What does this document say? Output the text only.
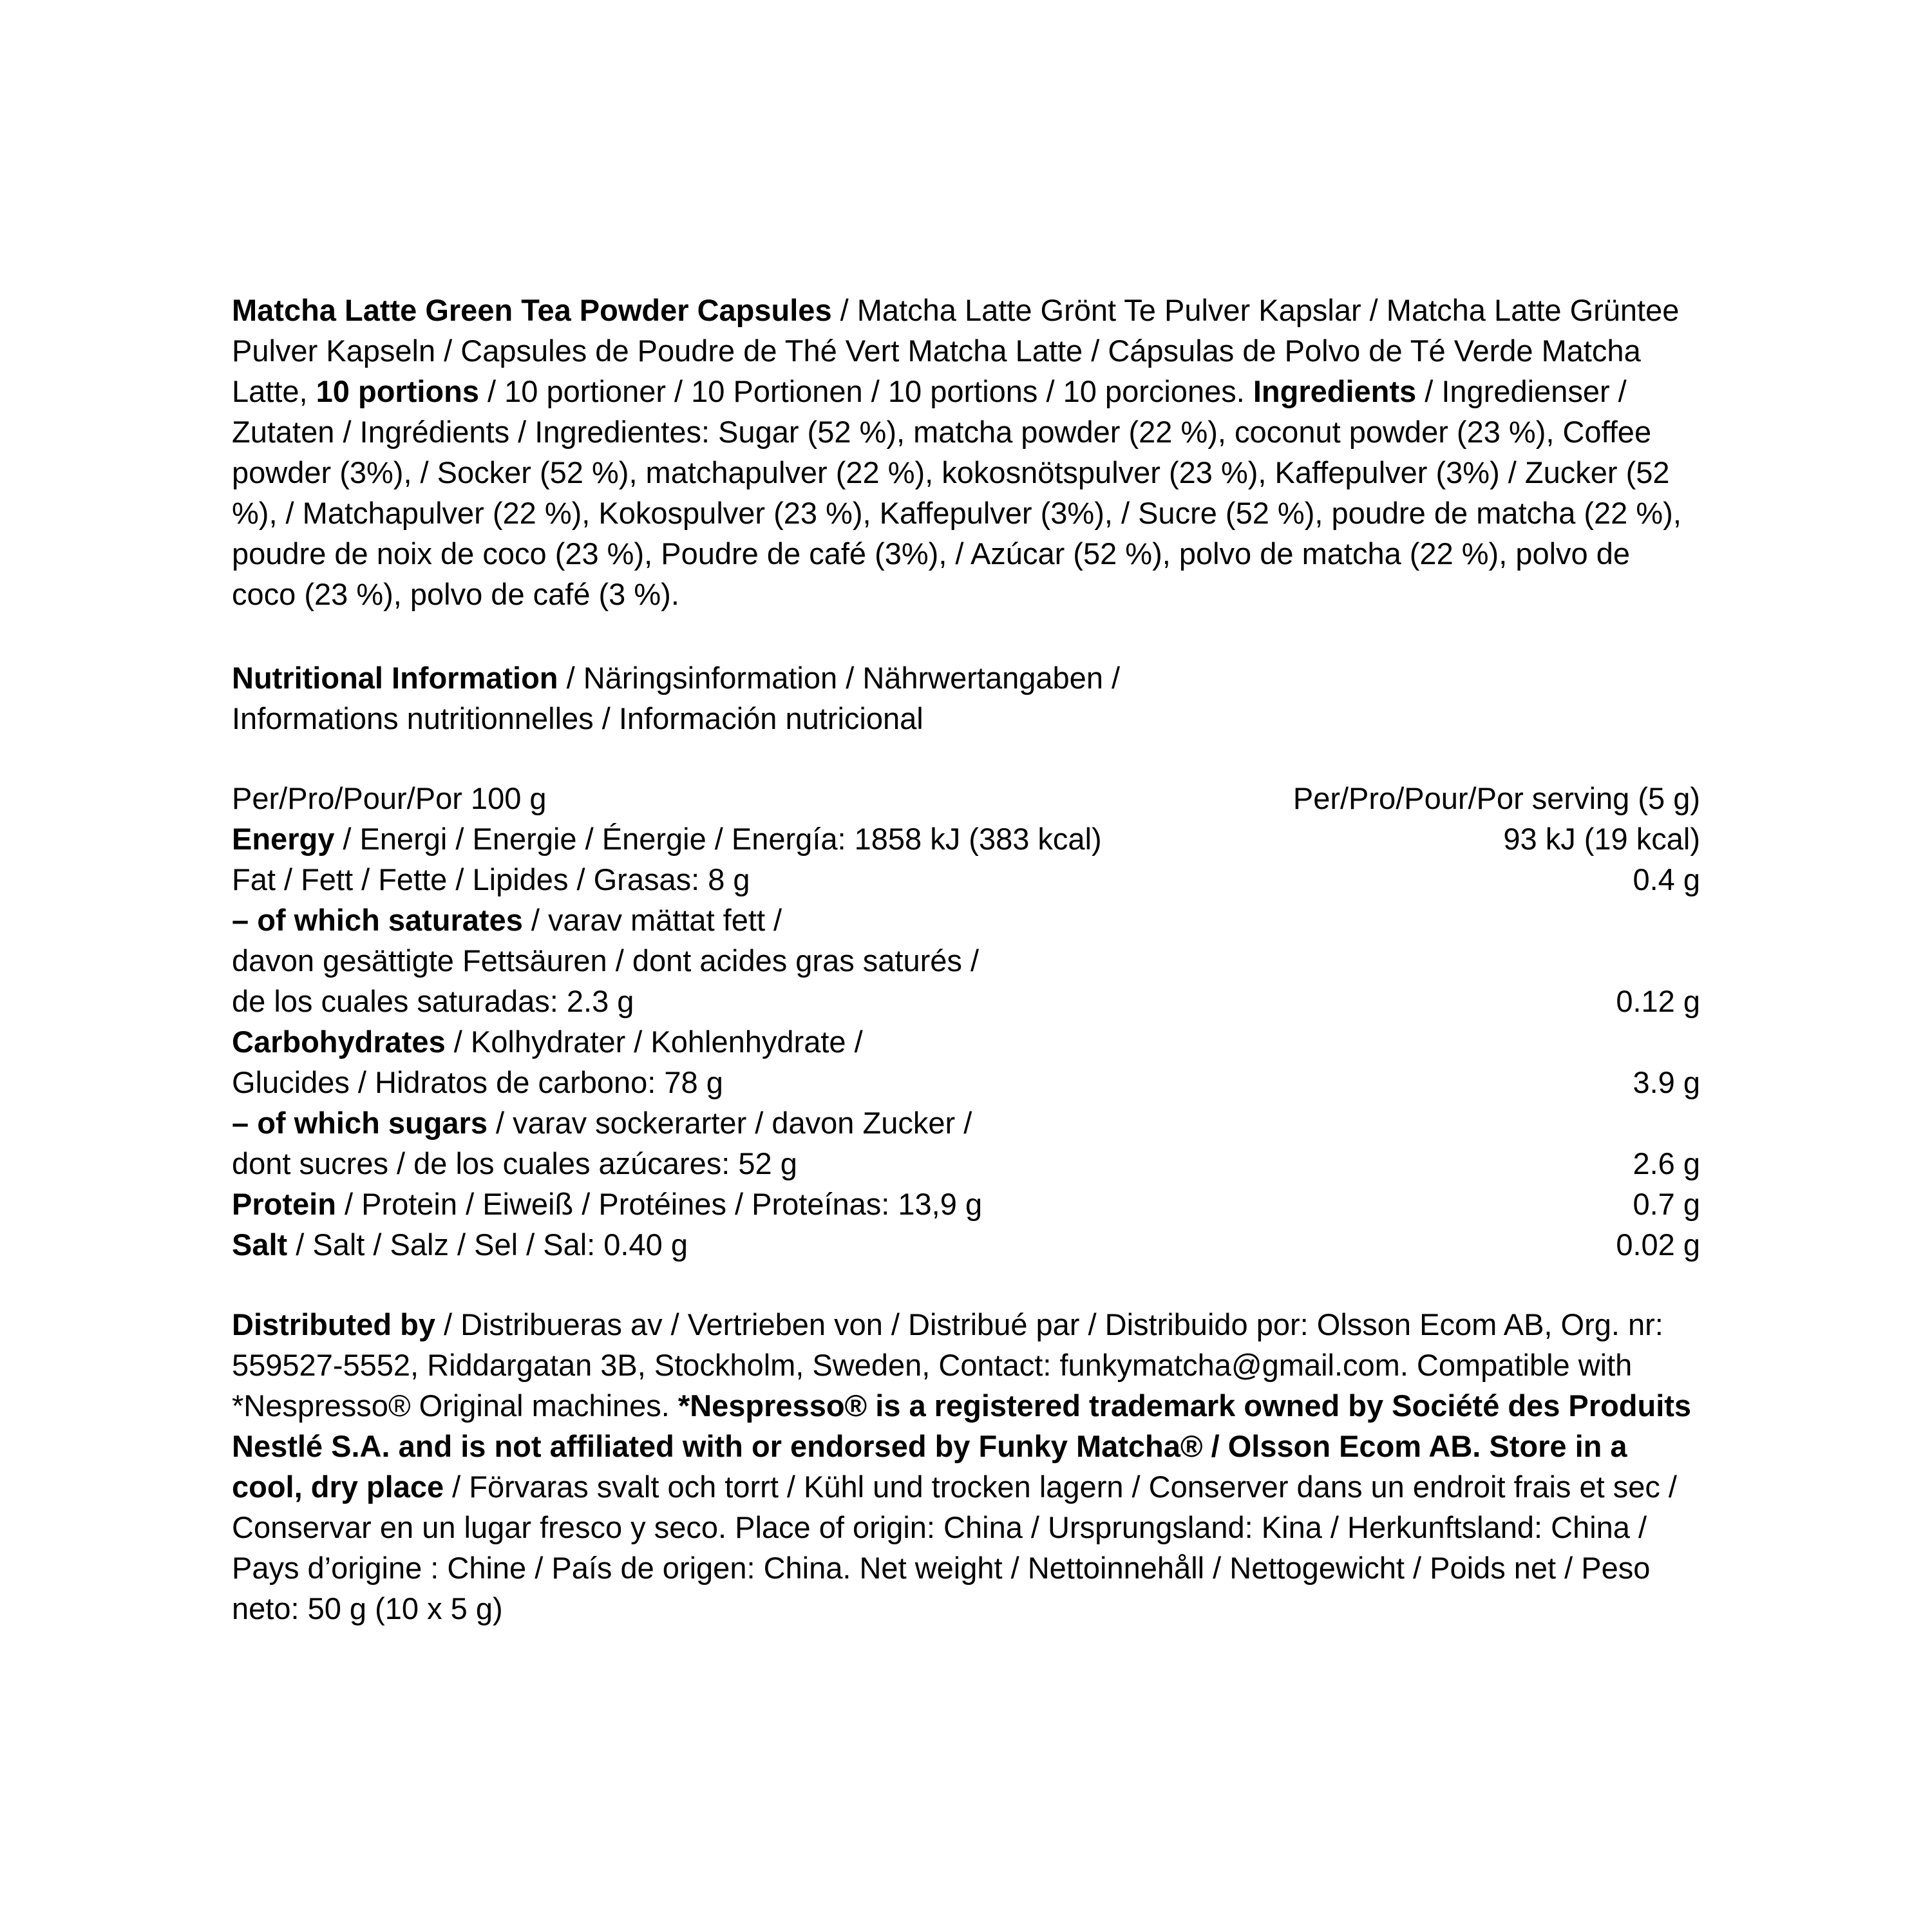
Matcha Latte Green Tea Powder Capsules / Matcha Latte Grönt Te Pulver Kapslar / Matcha Latte Grüntee
Pulver Kapseln / Capsules de Poudre de Thé Vert Matcha Latte / Cápsulas de Polvo de Té Verde Matcha
Latte, 10 portions / 10 portioner / 10 Portionen / 10 portions / 10 porciones. Ingredients / Ingredienser /
Zutaten / Ingrédients / Ingredientes: Sugar (52 %), matcha powder (22 %), coconut powder (23 %), Coffee
powder (3%), / Socker (52 %), matchapulver (22 %), kokosnötspulver (23 %), Kaffepulver (3%) / Zucker (52
%), / Matchapulver (22 %), Kokospulver (23 %), Kaffepulver (3%), / Sucre (52 %), poudre de matcha (22 %),
poudre de noix de coco (23 %), Poudre de café (3%), / Azúcar (52 %), polvo de matcha (22 %), polvo de
coco (23 %), polvo de café (3 %).
Nutritional Information / Näringsinformation / Nährwertangaben /
Informations nutritionnelles / Información nutricional
Per/Pro/Pour/Por 100 g	Per/Pro/Pour/Por serving (5 g)
Energy / Energi / Energie / Énergie / Energía: 1858 kJ (383 kcal)	93 kJ (19 kcal)
Fat / Fett / Fette / Lipides / Grasas: 8 g	0.4 g
– of which saturates / varav mättat fett /
davon gesättigte Fettsäuren / dont acides gras saturés /
de los cuales saturadas: 2.3 g	0.12 g
Carbohydrates / Kolhydrater / Kohlenhydrate /
Glucides / Hidratos de carbono: 78 g	3.9 g
– of which sugars / varav sockerarter / davon Zucker /
dont sucres / de los cuales azúcares: 52 g	2.6 g
Protein / Protein / Eiweiß / Protéines / Proteínas: 13,9 g	0.7 g
Salt / Salt / Salz / Sel / Sal: 0.40 g	0.02 g
Distributed by / Distribueras av / Vertrieben von / Distribué par / Distribuido por: Olsson Ecom AB, Org. nr:
559527-5552, Riddargatan 3B, Stockholm, Sweden, Contact: funkymatcha@gmail.com. Compatible with
*Nespresso® Original machines. *Nespresso® is a registered trademark owned by Société des Produits
Nestlé S.A. and is not affiliated with or endorsed by Funky Matcha® / Olsson Ecom AB. Store in a
cool, dry place / Förvaras svalt och torrt / Kühl und trocken lagern / Conserver dans un endroit frais et sec /
Conservar en un lugar fresco y seco. Place of origin: China / Ursprungsland: Kina / Herkunftsland: China /
Pays d’origine : Chine / País de origen: China. Net weight / Nettoinnehåll / Nettogewicht / Poids net / Peso
neto: 50 g (10 x 5 g)
